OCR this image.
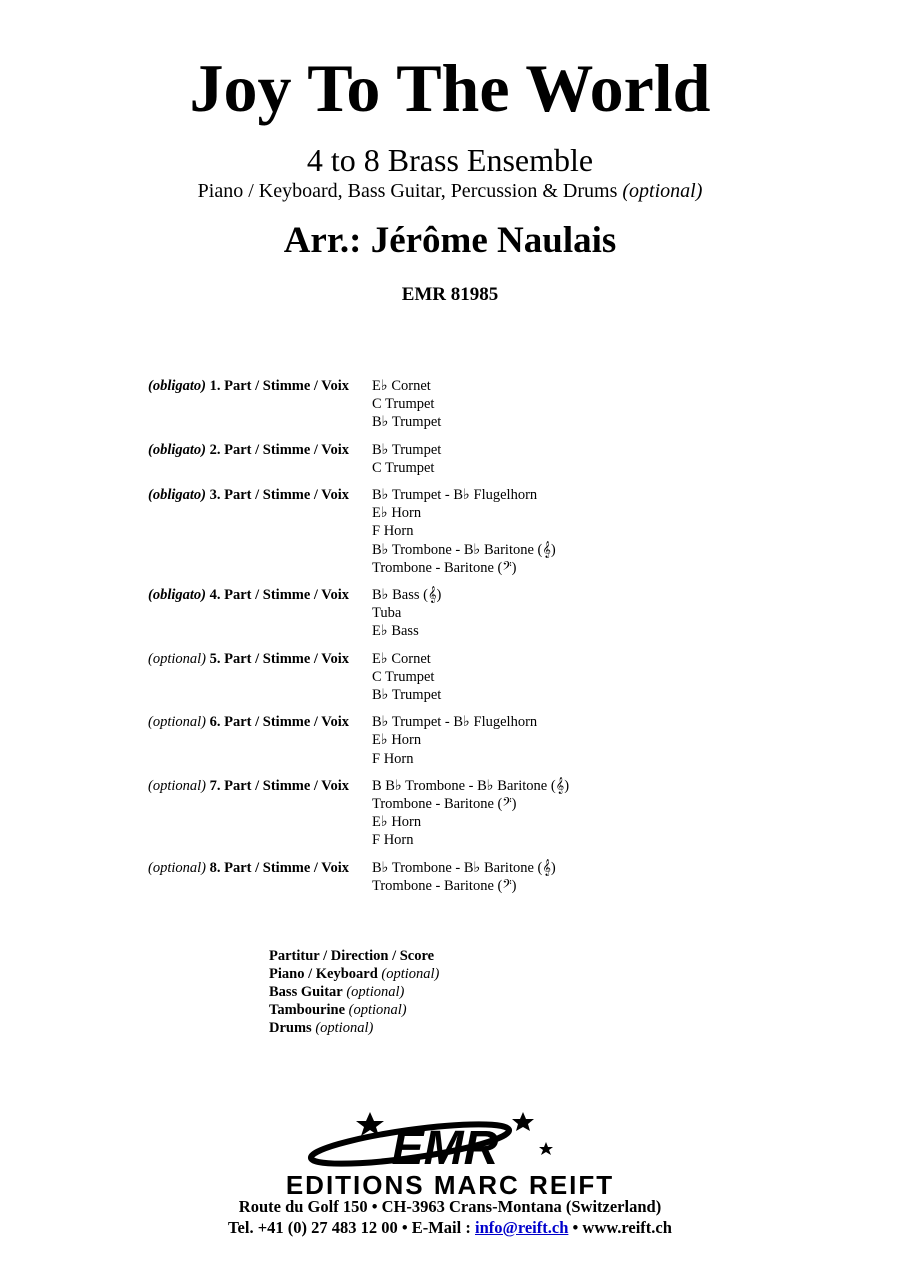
Joy To The World
4 to 8 Brass Ensemble
Piano / Keyboard, Bass Guitar, Percussion & Drums (optional)
Arr.: Jérôme Naulais
EMR 81985
(obligato) 1. Part / Stimme / Voix	E♭ Cornet
C Trumpet
B♭ Trumpet
(obligato) 2. Part / Stimme / Voix	B♭ Trumpet
C Trumpet
(obligato) 3. Part / Stimme / Voix	B♭ Trumpet - B♭ Flugelhorn
E♭ Horn
F Horn
B♭ Trombone - B♭ Baritone (𝄞)
Trombone - Baritone (𝄢)
(obligato) 4. Part / Stimme / Voix	B♭ Bass (𝄞)
Tuba
E♭ Bass
(optional) 5. Part / Stimme / Voix	E♭ Cornet
C Trumpet
B♭ Trumpet
(optional) 6. Part / Stimme / Voix	B♭ Trumpet - B♭ Flugelhorn
E♭ Horn
F Horn
(optional) 7. Part / Stimme / Voix	B B♭ Trombone - B♭ Baritone (𝄞)
Trombone - Baritone (𝄢)
E♭ Horn
F Horn
(optional) 8. Part / Stimme / Voix	B♭ Trombone - B♭ Baritone (𝄞)
Trombone - Baritone (𝄢)
Partitur / Direction / Score
Piano / Keyboard (optional)
Bass Guitar (optional)
Tambourine (optional)
Drums (optional)
EMR
EDITIONS MARC REIFT
Route du Golf 150 • CH-3963 Crans-Montana (Switzerland)
Tel. +41 (0) 27 483 12 00 • E-Mail : info@reift.ch • www.reift.ch
